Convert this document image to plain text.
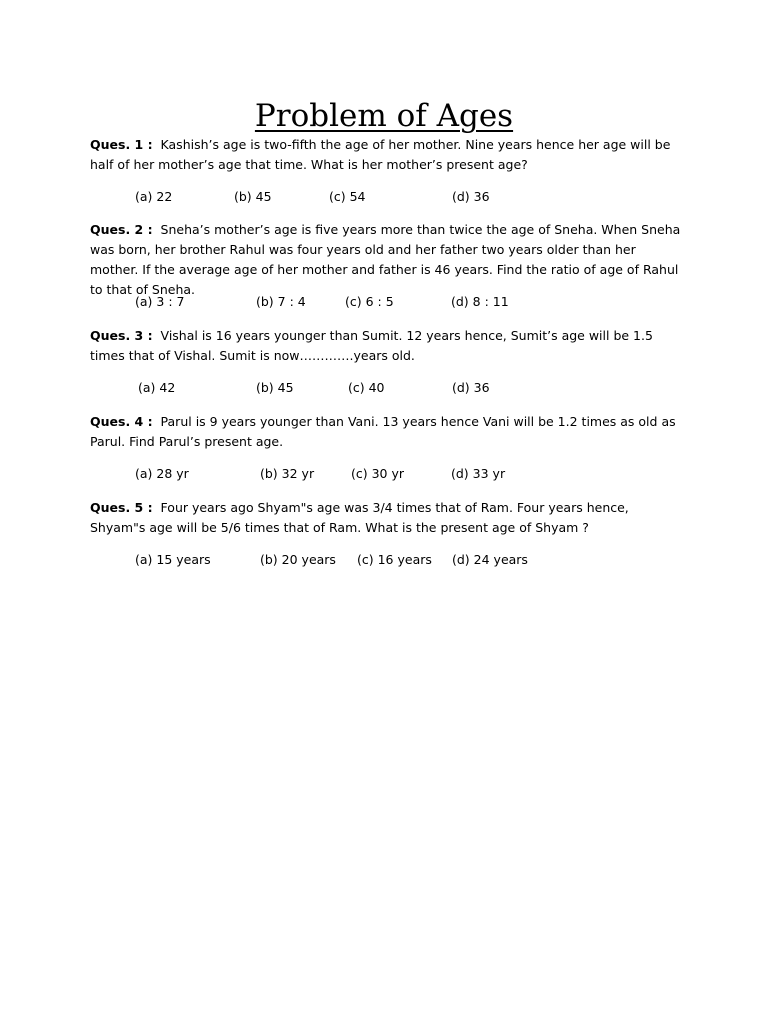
Problem of Ages
Ques. 1 : Kashish’s age is two-fifth the age of her mother. Nine years hence her age will be half of her mother’s age that time. What is her mother’s present age?
(a) 22	(b) 45	(c) 54	(d) 36
Ques. 2 : Sneha’s mother’s age is five years more than twice the age of Sneha. When Sneha was born, her brother Rahul was four years old and her father two years older than her mother. If the average age of her mother and father is 46 years. Find the ratio of age of Rahul to that of Sneha.
(a) 3 : 7	(b) 7 : 4	(c) 6 : 5	(d) 8 : 11
Ques. 3 : Vishal is 16 years younger than Sumit. 12 years hence, Sumit’s age will be 1.5 times that of Vishal. Sumit is now………….years old.
(a) 42	(b) 45	(c) 40	(d) 36
Ques. 4 : Parul is 9 years younger than Vani. 13 years hence Vani will be 1.2 times as old as Parul. Find Parul’s present age.
(a) 28 yr	(b) 32 yr	(c) 30 yr	(d) 33 yr
Ques. 5 : Four years ago Shyam"s age was 3/4 times that of Ram. Four years hence, Shyam"s age will be 5/6 times that of Ram. What is the present age of Shyam ?
(a) 15 years	(b) 20 years (c) 16 years (d) 24 years
